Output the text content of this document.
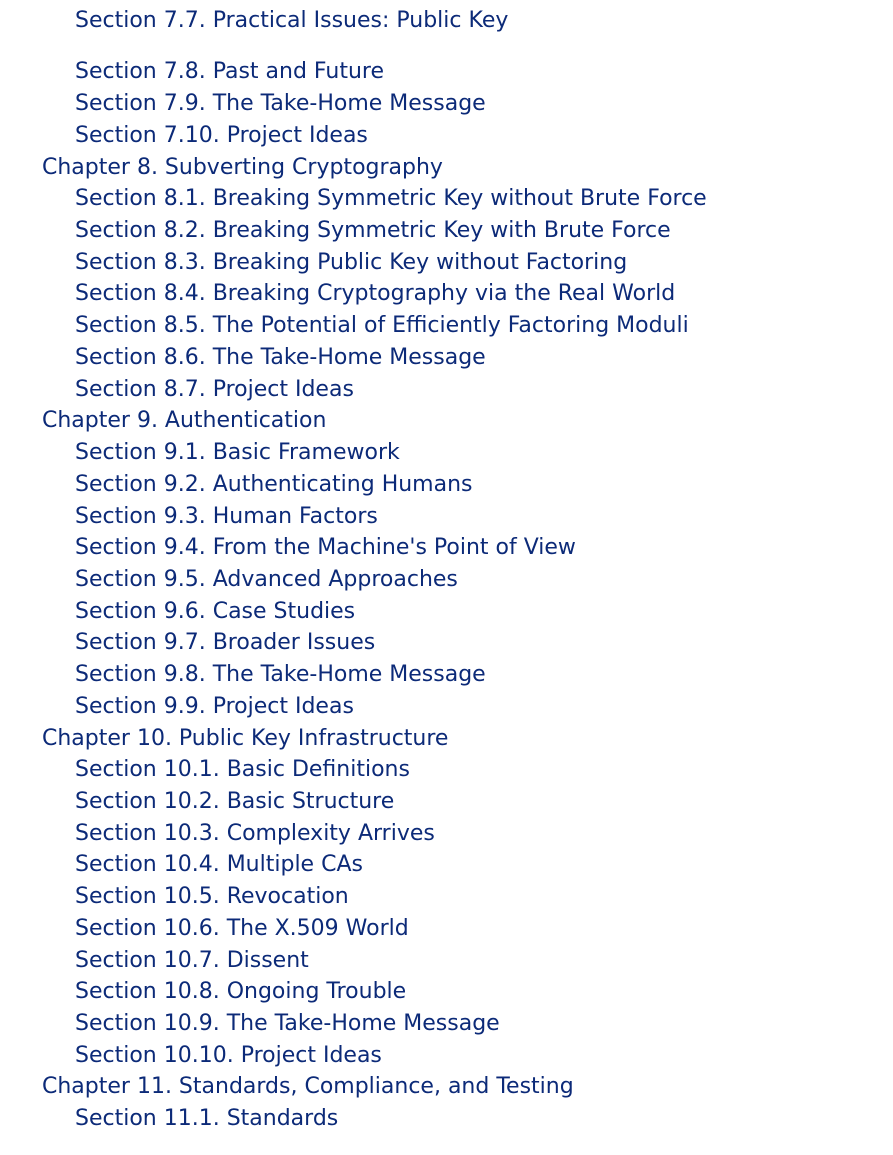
Section 7.7. Practical Issues: Public Key
Section 7.8. Past and Future
Section 7.9. The Take-Home Message
Section 7.10. Project Ideas
Chapter 8. Subverting Cryptography
Section 8.1. Breaking Symmetric Key without Brute Force
Section 8.2. Breaking Symmetric Key with Brute Force
Section 8.3. Breaking Public Key without Factoring
Section 8.4. Breaking Cryptography via the Real World
Section 8.5. The Potential of Efficiently Factoring Moduli
Section 8.6. The Take-Home Message
Section 8.7. Project Ideas
Chapter 9. Authentication
Section 9.1. Basic Framework
Section 9.2. Authenticating Humans
Section 9.3. Human Factors
Section 9.4. From the Machine's Point of View
Section 9.5. Advanced Approaches
Section 9.6. Case Studies
Section 9.7. Broader Issues
Section 9.8. The Take-Home Message
Section 9.9. Project Ideas
Chapter 10. Public Key Infrastructure
Section 10.1. Basic Definitions
Section 10.2. Basic Structure
Section 10.3. Complexity Arrives
Section 10.4. Multiple CAs
Section 10.5. Revocation
Section 10.6. The X.509 World
Section 10.7. Dissent
Section 10.8. Ongoing Trouble
Section 10.9. The Take-Home Message
Section 10.10. Project Ideas
Chapter 11. Standards, Compliance, and Testing
Section 11.1. Standards
